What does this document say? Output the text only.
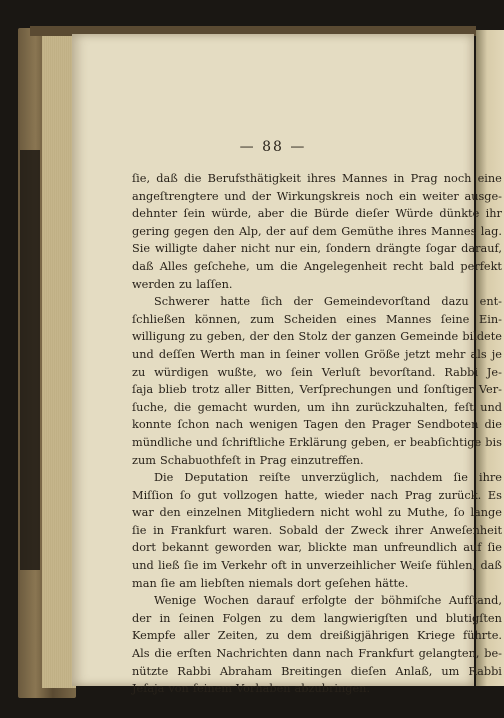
— 88 —
ſie, daß die Berufsthätigkeit ihres Mannes in Prag noch eine
angeſtrengtere und der Wirkungskreis noch ein weiter ausge-
dehnter ſein würde, aber die Bürde dieſer Würde dünkte ihr
gering gegen den Alp, der auf dem Gemüthe ihres Mannes lag.
Sie willigte daher nicht nur ein, ſondern drängte ſogar darauf,
daß Alles geſchehe, um die Angelegenheit recht bald perfekt
werden zu laſſen.
Schwerer hatte ſich der Gemeindevorſtand dazu ent-
ſchließen können, zum Scheiden eines Mannes ſeine Ein-
willigung zu geben, der den Stolz der ganzen Gemeinde bildete
und deſſen Werth man in ſeiner vollen Größe jetzt mehr als je
zu würdigen wußte, wo ſein Verluſt bevorſtand. Rabbi Je-
ſaja blieb trotz aller Bitten, Verſprechungen und ſonſtiger Ver-
ſuche, die gemacht wurden, um ihn zurückzuhalten, feſt und
konnte ſchon nach wenigen Tagen den Prager Sendboten die
mündliche und ſchriftliche Erklärung geben, er beabſichtige bis
zum Schabuothfeſt in Prag einzutreffen.
Die Deputation reiſte unverzüglich, nachdem ſie ihre
Miſſion ſo gut vollzogen hatte, wieder nach Prag zurück. Es
war den einzelnen Mitgliedern nicht wohl zu Muthe, ſo lange
ſie in Frankfurt waren. Sobald der Zweck ihrer Anweſenheit
dort bekannt geworden war, blickte man unfreundlich auf ſie
und ließ ſie im Verkehr oft in unverzeihlicher Weiſe fühlen, daß
man ſie am liebſten niemals dort geſehen hätte.
Wenige Wochen darauf erfolgte der böhmiſche Aufſtand,
der in ſeinen Folgen zu dem langwierigſten und blutigſten
Kempfe aller Zeiten, zu dem dreißigjährigen Kriege führte.
Als die erſten Nachrichten dann nach Frankfurt gelangten, be-
nützte Rabbi Abraham Breitingen dieſen Anlaß, um Rabbi
Jeſaja von ſeinem Vorhaben abzubringen.
